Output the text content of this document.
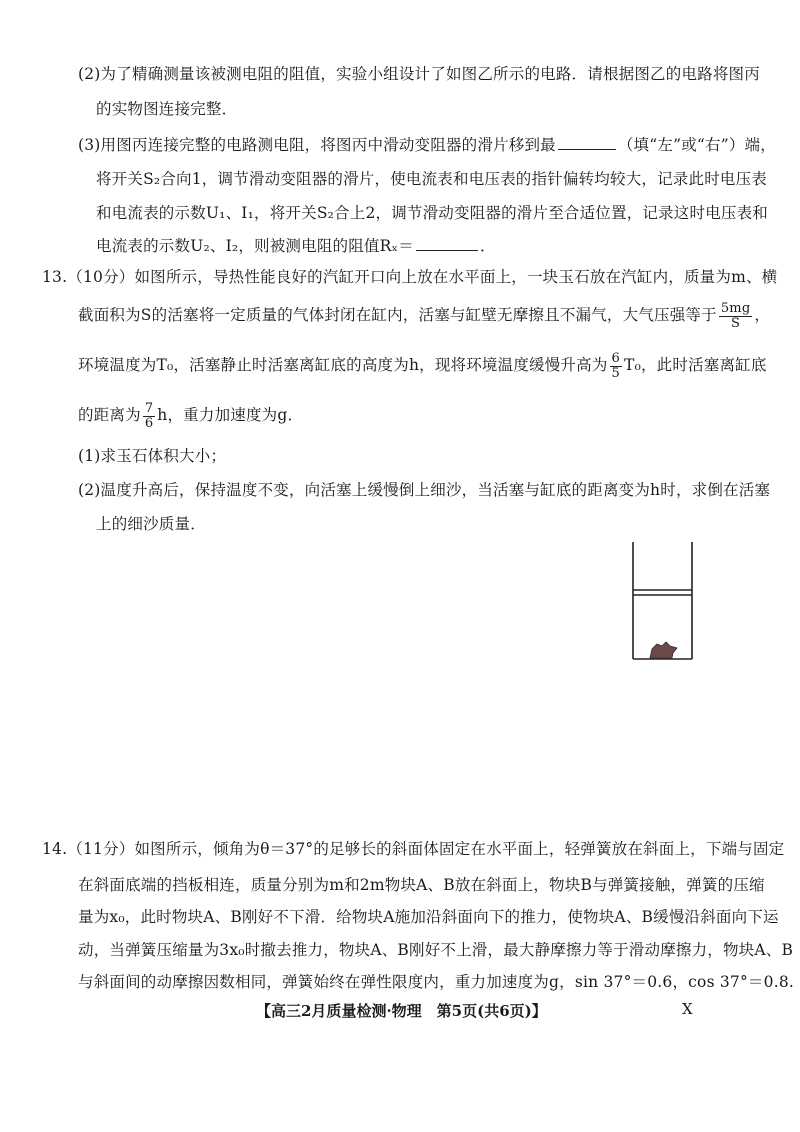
(2)为了精确测量该被测电阻的阻值，实验小组设计了如图乙所示的电路．请根据图乙的电路将图丙
的实物图连接完整．
(3)用图丙连接完整的电路测电阻，将图丙中滑动变阻器的滑片移到最	（填“左”或“右”）端，
将开关S₂合向1，调节滑动变阻器的滑片，使电流表和电压表的指针偏转均较大，记录此时电压表
和电流表的示数U₁、I₁，将开关S₂合上2，调节滑动变阻器的滑片至合适位置，记录这时电压表和
电流表的示数U₂、I₂，则被测电阻的阻值Rₓ＝	．
13.（10分）如图所示，导热性能良好的汽缸开口向上放在水平面上，一块玉石放在汽缸内，质量为m、横
截面积为S的活塞将一定质量的气体封闭在缸内，活塞与缸壁无摩擦且不漏气，大气压强等于 $\frac{5mg}{S}$ ，
环境温度为T₀，活塞静止时活塞离缸底的高度为h，现将环境温度缓慢升高为 $\frac{6}{5} T_0$，此时活塞离缸底
的距离为 $\frac{7}{6}$ h，重力加速度为g．
(1)求玉石体积大小；
(2)温度升高后，保持温度不变，向活塞上缓慢倒上细沙，当活塞与缸底的距离变为h时，求倒在活塞
上的细沙质量．
14.（11分）如图所示，倾角为θ＝37°的足够长的斜面体固定在水平面上，轻弹簧放在斜面上，下端与固定
在斜面底端的挡板相连，质量分别为m和2m物块A、B放在斜面上，物块B与弹簧接触，弹簧的压缩
量为x₀，此时物块A、B刚好不下滑．给物块A施加沿斜面向下的推力，使物块A、B缓慢沿斜面向下运
动，当弹簧压缩量为3x₀时撤去推力，物块A、B刚好不上滑，最大静摩擦力等于滑动摩擦力，物块A、B
与斜面间的动摩擦因数相同，弹簧始终在弹性限度内，重力加速度为g，sin 37°＝0.6，cos 37°＝0.8.
【高三2月质量检测·物理　第5页(共6页)】	X
